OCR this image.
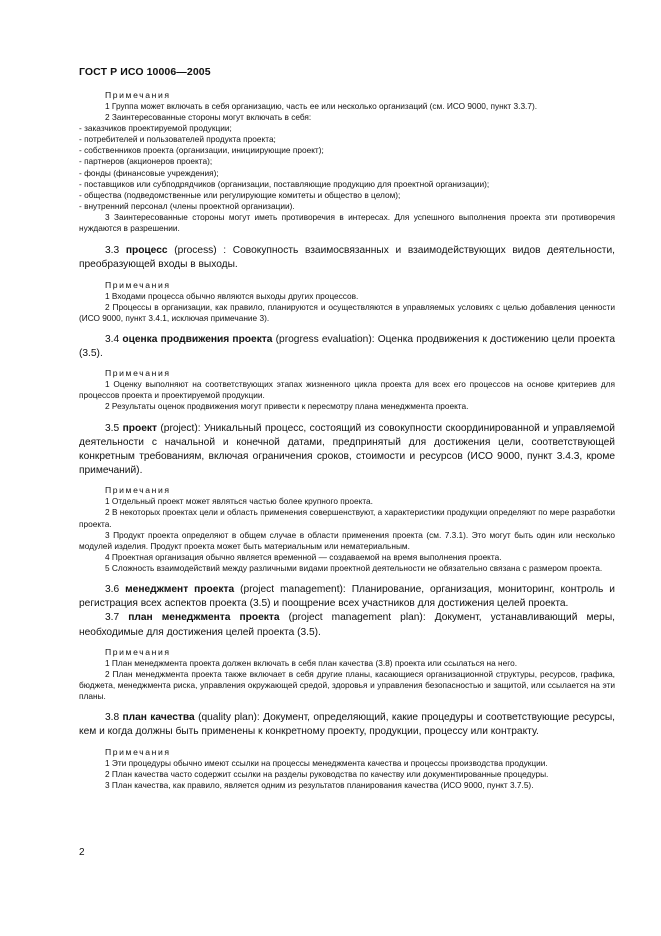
ГОСТ Р ИСО 10006—2005
Примечания
1 Группа может включать в себя организацию, часть ее или несколько организаций (см. ИСО 9000, пункт 3.3.7).
2 Заинтересованные стороны могут включать в себя:
- заказчиков проектируемой продукции;
- потребителей и пользователей продукта проекта;
- собственников проекта (организации, инициирующие проект);
- партнеров (акционеров проекта);
- фонды (финансовые учреждения);
- поставщиков или субподрядчиков (организации, поставляющие продукцию для проектной организации);
- общества (подведомственные или регулирующие комитеты и общество в целом);
- внутренний персонал (члены проектной организации).
3 Заинтересованные стороны могут иметь противоречия в интересах. Для успешного выполнения проекта эти противоречия нуждаются в разрешении.
3.3 процесс (process) : Совокупность взаимосвязанных и взаимодействующих видов деятельности, преобразующей входы в выходы.
Примечания
1 Входами процесса обычно являются выходы других процессов.
2 Процессы в организации, как правило, планируются и осуществляются в управляемых условиях с целью добавления ценности (ИСО 9000, пункт 3.4.1, исключая примечание 3).
3.4 оценка продвижения проекта (progress evaluation): Оценка продвижения к достижению цели проекта (3.5).
Примечания
1 Оценку выполняют на соответствующих этапах жизненного цикла проекта для всех его процессов на основе критериев для процессов проекта и проектируемой продукции.
2 Результаты оценок продвижения могут привести к пересмотру плана менеджмента проекта.
3.5 проект (project): Уникальный процесс, состоящий из совокупности скоординированной и управляемой деятельности с начальной и конечной датами, предпринятый для достижения цели, соответствующей конкретным требованиям, включая ограничения сроков, стоимости и ресурсов (ИСО 9000, пункт 3.4.3, кроме примечаний).
Примечания
1 Отдельный проект может являться частью более крупного проекта.
2 В некоторых проектах цели и область применения совершенствуют, а характеристики продукции определяют по мере разработки проекта.
3 Продукт проекта определяют в общем случае в области применения проекта (см. 7.3.1). Это могут быть один или несколько модулей изделия. Продукт проекта может быть материальным или нематериальным.
4 Проектная организация обычно является временной — создаваемой на время выполнения проекта.
5 Сложность взаимодействий между различными видами проектной деятельности не обязательно связана с размером проекта.
3.6 менеджмент проекта (project management): Планирование, организация, мониторинг, контроль и регистрация всех аспектов проекта (3.5) и поощрение всех участников для достижения целей проекта.
3.7 план менеджмента проекта (project management plan): Документ, устанавливающий меры, необходимые для достижения целей проекта (3.5).
Примечания
1 План менеджмента проекта должен включать в себя план качества (3.8) проекта или ссылаться на него.
2 План менеджмента проекта также включает в себя другие планы, касающиеся организационной структуры, ресурсов, графика, бюджета, менеджмента риска, управления окружающей средой, здоровья и управления безопасностью и защитой, или ссылается на эти планы.
3.8 план качества (quality plan): Документ, определяющий, какие процедуры и соответствующие ресурсы, кем и когда должны быть применены к конкретному проекту, продукции, процессу или контракту.
Примечания
1 Эти процедуры обычно имеют ссылки на процессы менеджмента качества и процессы производства продукции.
2 План качества часто содержит ссылки на разделы руководства по качеству или документированные процедуры.
3 План качества, как правило, является одним из результатов планирования качества (ИСО 9000, пункт 3.7.5).
2
